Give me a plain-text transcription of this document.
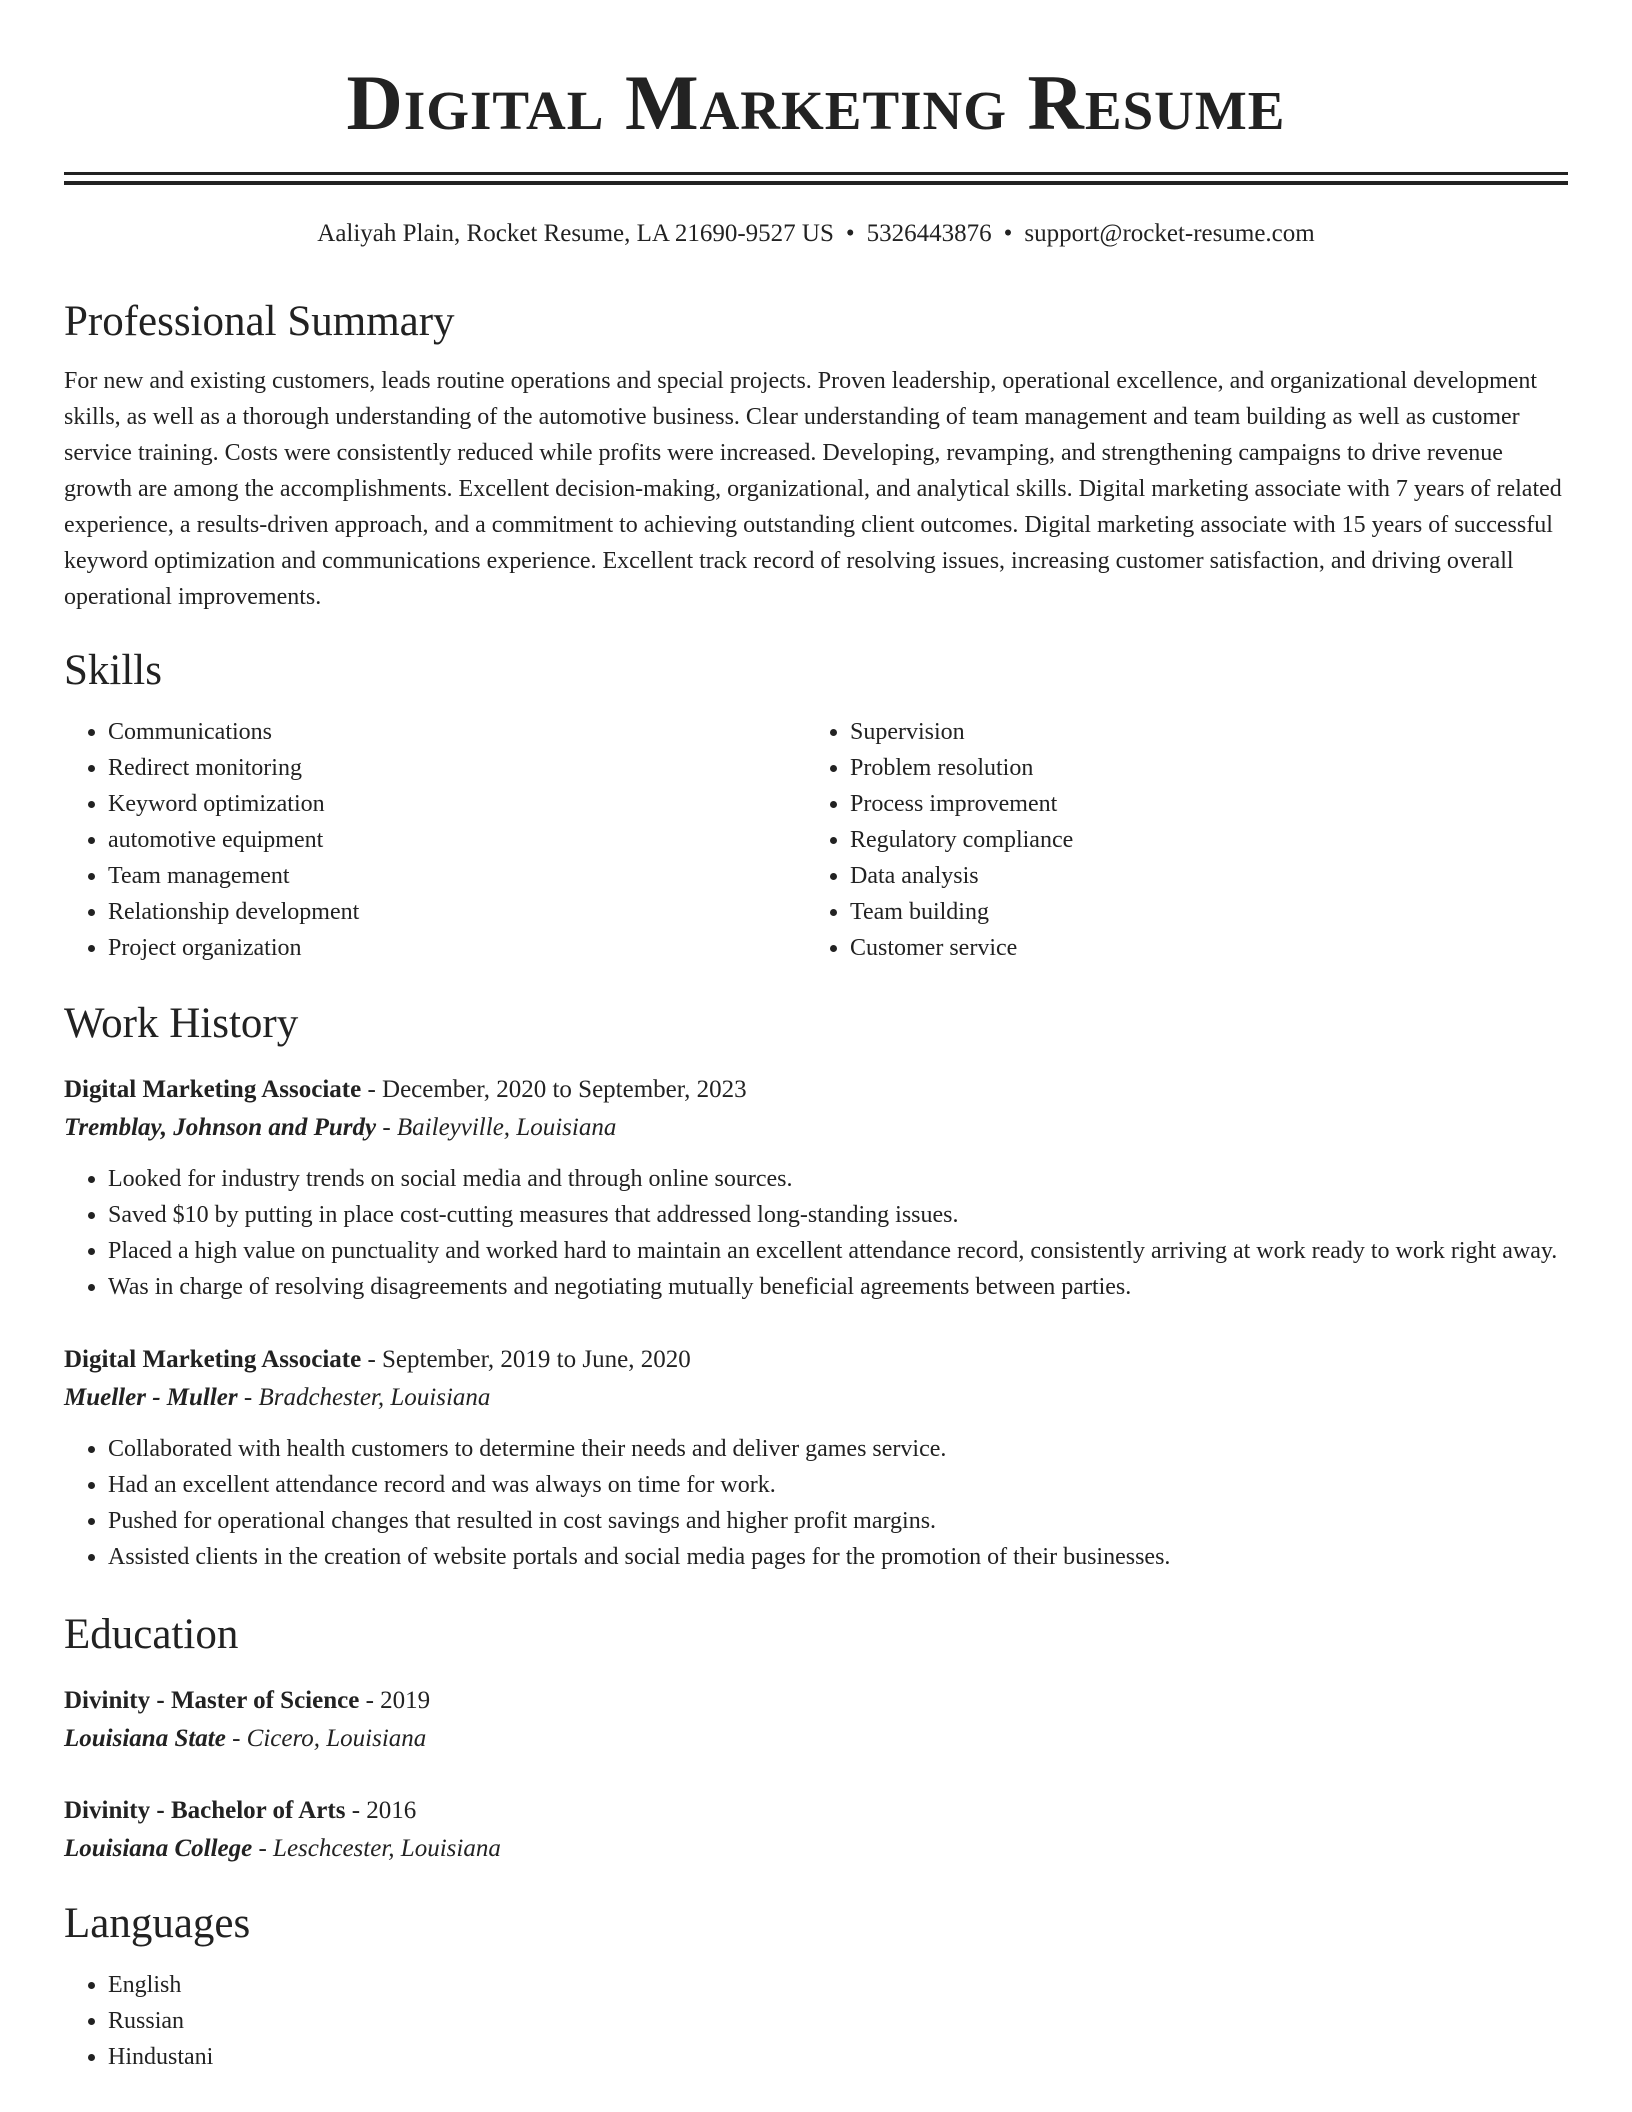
Digital Marketing Resume
Aaliyah Plain, Rocket Resume, LA 21690-9527 US • 5326443876 • support@rocket-resume.com
Professional Summary

For new and existing customers, leads routine operations and special projects. Proven leadership, operational excellence, and organizational development skills, as well as a thorough understanding of the automotive business. Clear understanding of team management and team building as well as customer service training. Costs were consistently reduced while profits were increased. Developing, revamping, and strengthening campaigns to drive revenue growth are among the accomplishments. Excellent decision-making, organizational, and analytical skills. Digital marketing associate with 7 years of related experience, a results-driven approach, and a commitment to achieving outstanding client outcomes. Digital marketing associate with 15 years of successful keyword optimization and communications experience. Excellent track record of resolving issues, increasing customer satisfaction, and driving overall operational improvements.

Skills
• Communications
• Redirect monitoring
• Keyword optimization
• automotive equipment
• Team management
• Relationship development
• Project organization
• Supervision
• Problem resolution
• Process improvement
• Regulatory compliance
• Data analysis
• Team building
• Customer service
Work History
Digital Marketing Associate - December, 2020 to September, 2023
Tremblay, Johnson and Purdy - Baileyville, Louisiana
• Looked for industry trends on social media and through online sources.
• Saved $10 by putting in place cost-cutting measures that addressed long-standing issues.
• Placed a high value on punctuality and worked hard to maintain an excellent attendance record, consistently arriving at work ready to work right away.
• Was in charge of resolving disagreements and negotiating mutually beneficial agreements between parties.
Digital Marketing Associate - September, 2019 to June, 2020
Mueller - Muller - Bradchester, Louisiana
• Collaborated with health customers to determine their needs and deliver games service.
• Had an excellent attendance record and was always on time for work.
• Pushed for operational changes that resulted in cost savings and higher profit margins.
• Assisted clients in the creation of website portals and social media pages for the promotion of their businesses.
Education
Divinity - Master of Science - 2019
Louisiana State - Cicero, Louisiana
Divinity - Bachelor of Arts - 2016
Louisiana College - Leschcester, Louisiana
Languages
• English
• Russian
• Hindustani
